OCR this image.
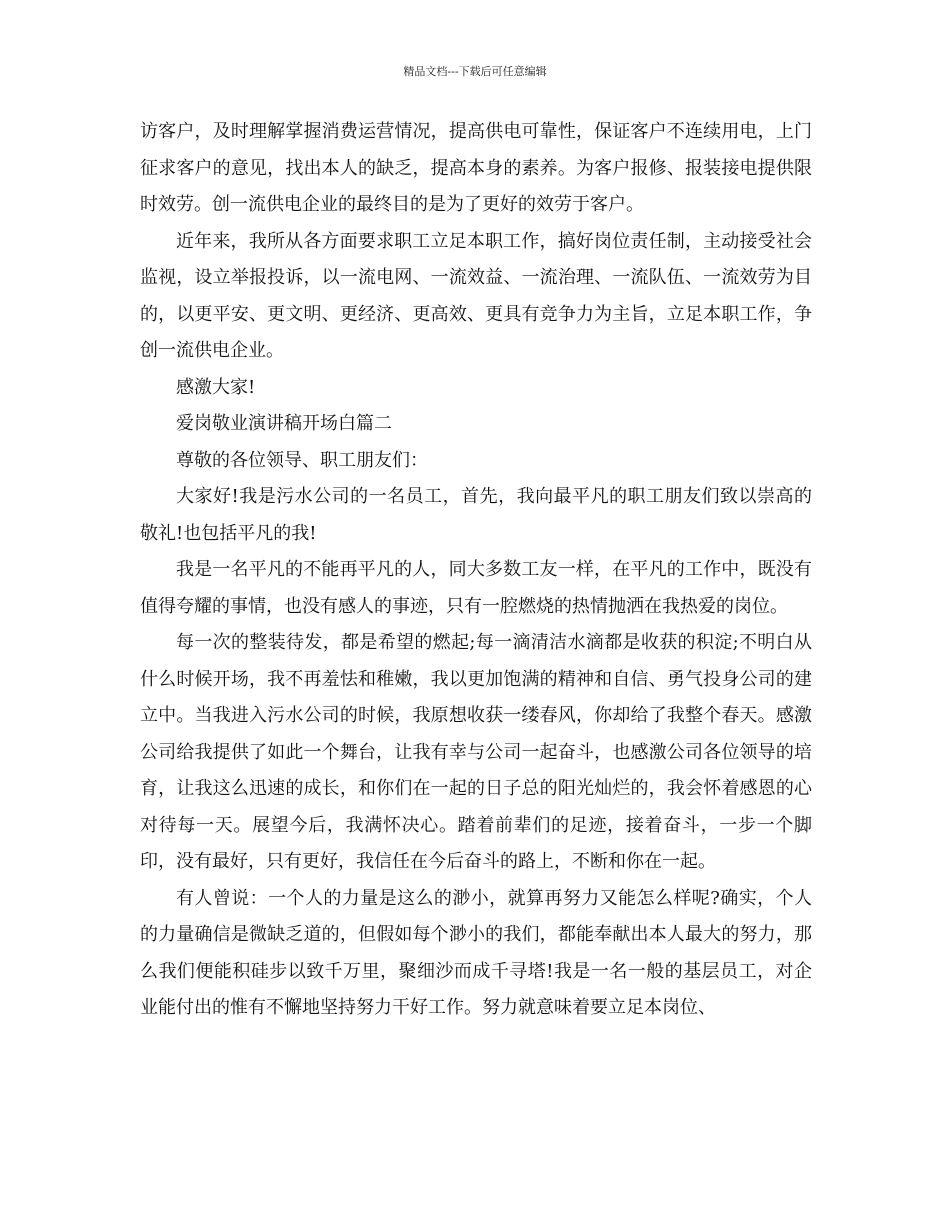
精品文档---下载后可任意编辑

访客户，及时理解掌握消费运营情况，提高供电可靠性，保证客户不连续用电，上门征求客户的意见，找出本人的缺乏，提高本身的素养。为客户报修、报装接电提供限时效劳。创一流供电企业的最终目的是为了更好的效劳于客户。

近年来，我所从各方面要求职工立足本职工作，搞好岗位责任制，主动接受社会监视，设立举报投诉，以一流电网、一流效益、一流治理、一流队伍、一流效劳为目的，以更平安、更文明、更经济、更高效、更具有竞争力为主旨，立足本职工作，争创一流供电企业。

感激大家!

爱岗敬业演讲稿开场白篇二

尊敬的各位领导、职工朋友们：

大家好!我是污水公司的一名员工，首先，我向最平凡的职工朋友们致以崇高的敬礼!也包括平凡的我!

我是一名平凡的不能再平凡的人，同大多数工友一样，在平凡的工作中，既没有值得夸耀的事情，也没有感人的事迹，只有一腔燃烧的热情抛洒在我热爱的岗位。

每一次的整装待发，都是希望的燃起;每一滴清洁水滴都是收获的积淀;不明白从什么时候开场，我不再羞怯和稚嫩，我以更加饱满的精神和自信、勇气投身公司的建立中。当我进入污水公司的时候，我原想收获一缕春风，你却给了我整个春天。感激公司给我提供了如此一个舞台，让我有幸与公司一起奋斗，也感激公司各位领导的培育，让我这么迅速的成长，和你们在一起的日子总的阳光灿烂的，我会怀着感恩的心对待每一天。展望今后，我满怀决心。踏着前辈们的足迹，接着奋斗，一步一个脚印，没有最好，只有更好，我信任在今后奋斗的路上，不断和你在一起。

有人曾说：一个人的力量是这么的渺小，就算再努力又能怎么样呢?确实，个人的力量确信是微缺乏道的，但假如每个渺小的我们，都能奉献出本人最大的努力，那么我们便能积硅步以致千万里，聚细沙而成千寻塔!我是一名一般的基层员工，对企业能付出的惟有不懈地坚持努力干好工作。努力就意味着要立足本岗位、
